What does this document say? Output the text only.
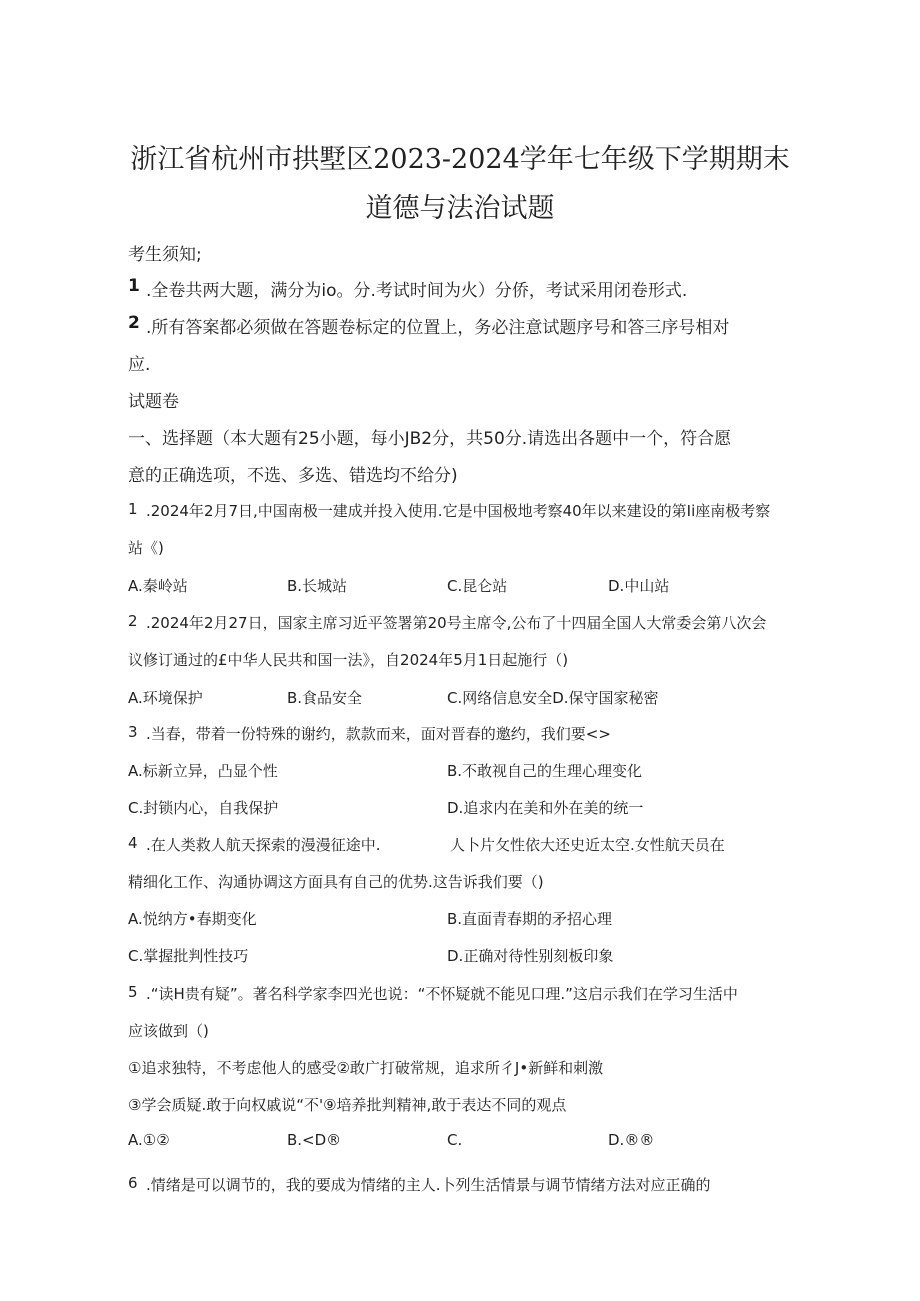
浙江省杭州市拱墅区2023-2024学年七年级下学期期末
道德与法治试题
考生须知;
1 .全卷共两大题，满分为io。分.考试时间为火）分侨，考试采用闭卷形式.
2 .所有答案都必须做在答题卷标定的位置上，务必注意试题序号和答三序号相对
应.
试题卷
一、选择题（本大题有25小题，每小JB2分，共50分.请选出各题中一个，符合愿
意的正确选项，不选、多选、错选均不给分)
1 .2024年2月7日,中国南极一建成并投入使用.它是中国极地考察40年以来建设的第Ii座南极考察
站《)
A.秦岭站	B.长城站	C.昆仑站	D.中山站
2 .2024年2月27日，国家主席习近平签署第20号主席令,公布了十四届全国人大常委会第八次会
议修订通过的£中华人民共和国一法》，自2024年5月1日起施行（)
A.环境保护	B.食品安全	C.网络信息安全D.保守国家秘密
3 .当春，带着一份特殊的谢约，款款而来，面对晋春的邀约，我们要<>
A.标新立异，凸显个性	B.不敢视自己的生理心理变化
C.封锁内心，自我保护	D.追求内在美和外在美的统一
4 .在人类救人航天探索的漫漫征途中.	人卜片攵性依大还史近太空.女性航天员在
精细化工作、沟通协调这方面具有自己的优势.这告诉我们要（)
A.悦纳方•春期变化	B.直面青春期的矛招心理
C.掌握批判性技巧	D.正确对待性别刻板印象
5 .“读H贵有疑”。著名科学家李四光也说：“不怀疑就不能见口理.”这启示我们在学习生活中
应该做到（)
①追求独特，不考虑他人的感受②敢广打破常规，追求所彳J•新鲜和刺激
③学会质疑.敢于向权戚说“不'⑨培养批判精神,敢于表达不同的观点
A.①②	B.<D®	C.	D.®®
6 .情绪是可以调节的，我的要成为情绪的主人.卜列生活情景与调节情绪方法对应正确的
